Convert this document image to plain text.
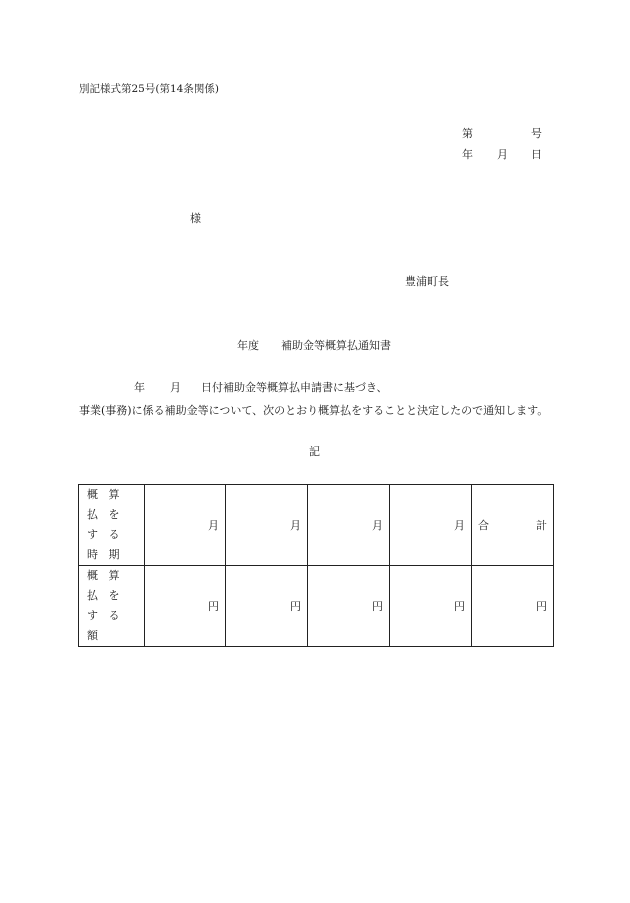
別記様式第25号(第14条関係)
第	号
年 月 日
様
豊浦町長
年度 補助金等概算払通知書
年 月 日付補助金等概算払申請書に基づき、
事業(事務)に係る補助金等について、次のとおり概算払をすることと決定したので通知します。
記
概 算 払 を
す る 時 期	月	月	月	月	合 計

概 算 払 を
す る　額	円	円	円	円	円
